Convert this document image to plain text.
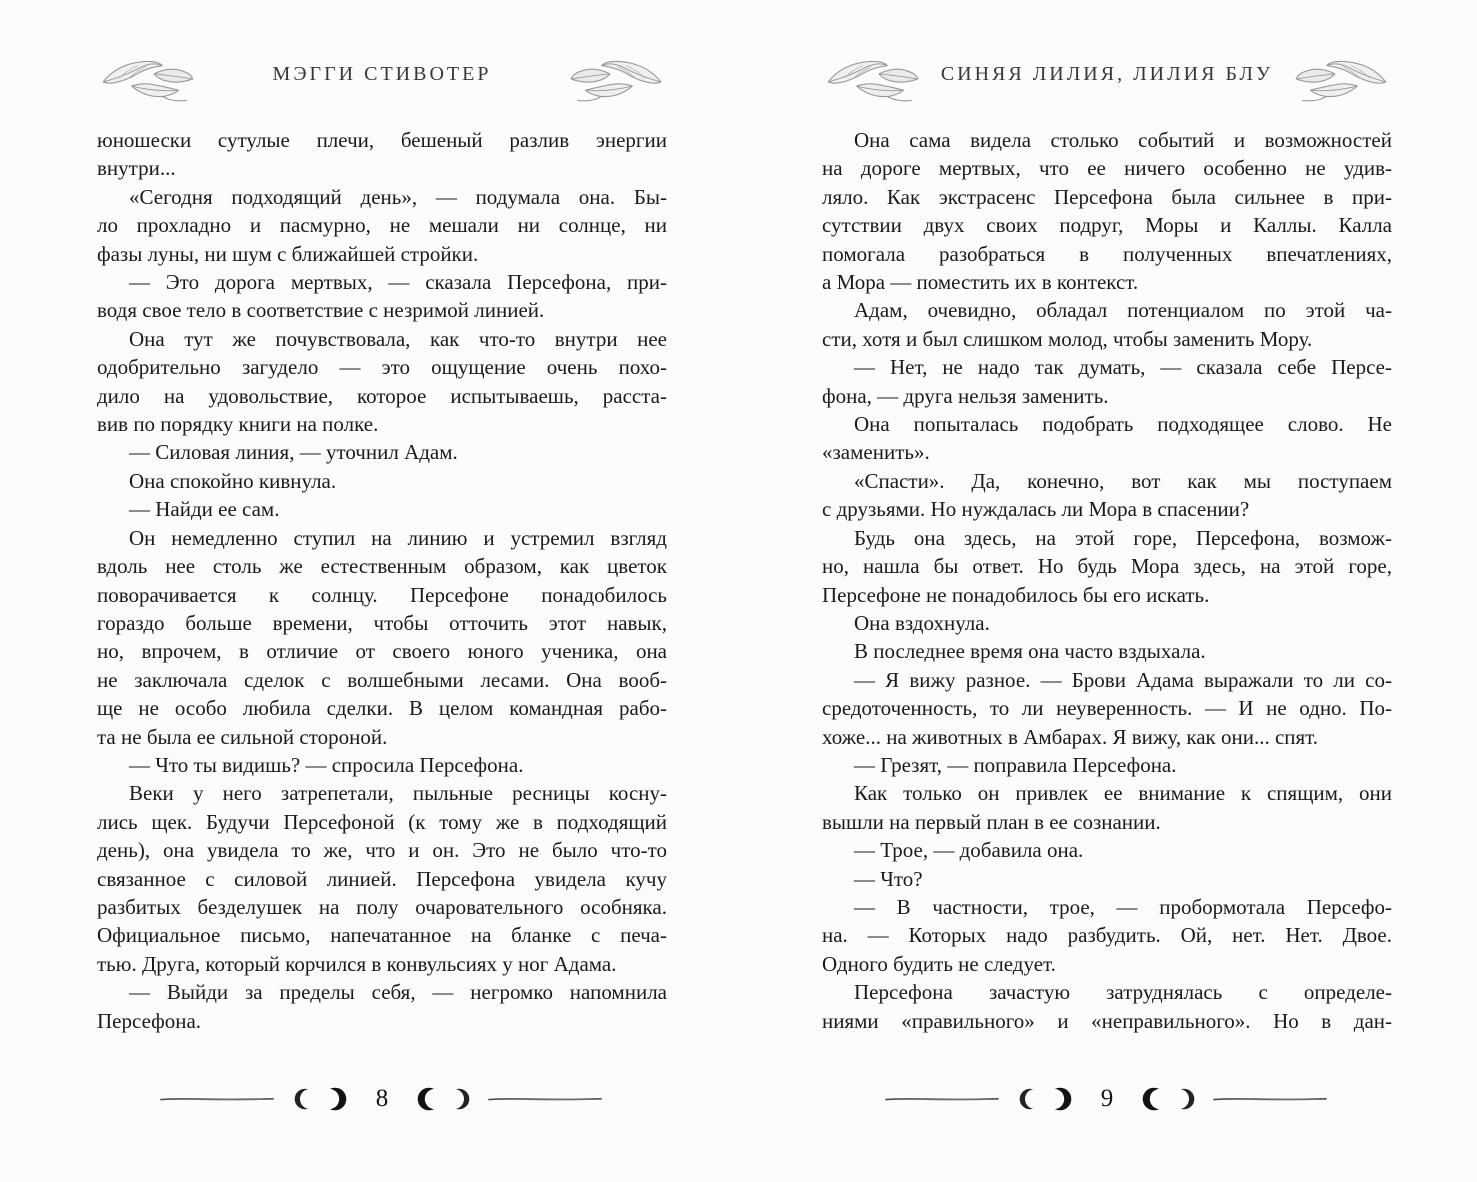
МЭГГИ СТИВОТЕР
юношески сутулые плечи, бешеный разлив энергии
внутри...
«Сегодня подходящий день», — подумала она. Бы-
ло прохладно и пасмурно, не мешали ни солнце, ни
фазы луны, ни шум с ближайшей стройки.
— Это дорога мертвых, — сказала Персефона, при-
водя свое тело в соответствие с незримой линией.
Она тут же почувствовала, как что-то внутри нее
одобрительно загудело — это ощущение очень похо-
дило на удовольствие, которое испытываешь, расста-
вив по порядку книги на полке.
— Силовая линия, — уточнил Адам.
Она спокойно кивнула.
— Найди ее сам.
Он немедленно ступил на линию и устремил взгляд
вдоль нее столь же естественным образом, как цветок
поворачивается к солнцу. Персефоне понадобилось
гораздо больше времени, чтобы отточить этот навык,
но, впрочем, в отличие от своего юного ученика, она
не заключала сделок с волшебными лесами. Она вооб-
ще не особо любила сделки. В целом командная рабо-
та не была ее сильной стороной.
— Что ты видишь? — спросила Персефона.
Веки у него затрепетали, пыльные ресницы косну-
лись щек. Будучи Персефоной (к тому же в подходящий
день), она увидела то же, что и он. Это не было что-то
связанное с силовой линией. Персефона увидела кучу
разбитых безделушек на полу очаровательного особняка.
Официальное письмо, напечатанное на бланке с печа-
тью. Друга, который корчился в конвульсиях у ног Адама.
— Выйди за пределы себя, — негромко напомнила
Персефона.
8
СИНЯЯ ЛИЛИЯ, ЛИЛИЯ БЛУ
Она сама видела столько событий и возможностей
на дороге мертвых, что ее ничего особенно не удив-
ляло. Как экстрасенс Персефона была сильнее в при-
сутствии двух своих подруг, Моры и Каллы. Калла
помогала разобраться в полученных впечатлениях,
а Мора — поместить их в контекст.
Адам, очевидно, обладал потенциалом по этой ча-
сти, хотя и был слишком молод, чтобы заменить Мору.
— Нет, не надо так думать, — сказала себе Персе-
фона, — друга нельзя заменить.
Она попыталась подобрать подходящее слово. Не
«заменить».
«Спасти». Да, конечно, вот как мы поступаем
с друзьями. Но нуждалась ли Мора в спасении?
Будь она здесь, на этой горе, Персефона, возмож-
но, нашла бы ответ. Но будь Мора здесь, на этой горе,
Персефоне не понадобилось бы его искать.
Она вздохнула.
В последнее время она часто вздыхала.
— Я вижу разное. — Брови Адама выражали то ли со-
средоточенность, то ли неуверенность. — И не одно. По-
хоже... на животных в Амбарах. Я вижу, как они... спят.
— Грезят, — поправила Персефона.
Как только он привлек ее внимание к спящим, они
вышли на первый план в ее сознании.
— Трое, — добавила она.
— Что?
— В частности, трое, — пробормотала Персефо-
на. — Которых надо разбудить. Ой, нет. Нет. Двое.
Одного будить не следует.
Персефона зачастую затруднялась с определе-
ниями «правильного» и «неправильного». Но в дан-
9
